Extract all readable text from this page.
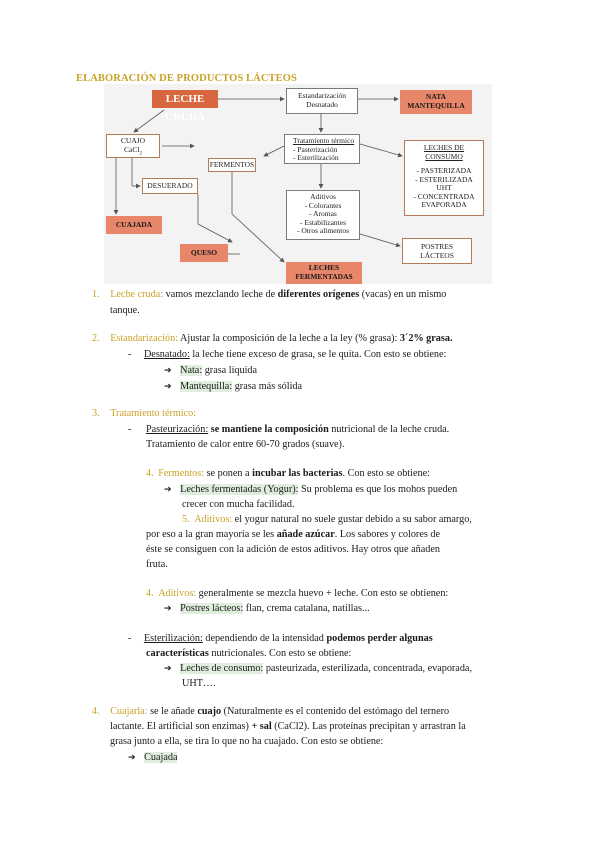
ELABORACIÓN DE PRODUCTOS LÁCTEOS
LECHE CRUDA
Estandarización
Desnatado
NATA
MANTEQUILLA
CUAJO
CaCl$_2$
Tratamiento térmico
- Pasterización
- Esterilización
LECHES DE
CONSUMO
- PASTERIZADA
- ESTERILIZADA
UHT
- CONCENTRADA
EVAPORADA
FERMENTOS
DESUERADO
Aditivos
- Colorantes
- Aromas
- Estabilizantes
- Otros alimentos
CUAJADA
QUESO
POSTRES
LÁCTEOS
LECHES
FERMENTADAS
1. Leche cruda: vamos mezclando leche de diferentes orígenes (vacas) en un mismo
tanque.
2. Estandarización: Ajustar la composición de la leche a la ley (% grasa): 3´2% grasa.
- Desnatado: la leche tiene exceso de grasa, se le quita. Con esto se obtiene:
➔ Nata: grasa líquida
➔ Mantequilla: grasa más sólida
3. Tratamiento térmico:
- Pasteurización: se mantiene la composición nutricional de la leche cruda.
Tratamiento de calor entre 60-70 grados (suave).
4. Fermentos: se ponen a incubar las bacterias. Con esto se obtiene:
➔ Leches fermentadas (Yogur): Su problema es que los mohos pueden
crecer con mucha facilidad.
5. Aditivos: el yogur natural no suele gustar debido a su sabor amargo,
por eso a la gran mayoría se les añade azúcar. Los sabores y colores de
éste se consiguen con la adición de estos aditivos. Hay otros que añaden
fruta.
4. Aditivos: generalmente se mezcla huevo + leche. Con esto se obtienen:
➔ Postres lácteos: flan, crema catalana, natillas...
- Esterilización: dependiendo de la intensidad podemos perder algunas
características nutricionales. Con esto se obtiene:
➔ Leches de consumo: pasteurizada, esterilizada, concentrada, evaporada,
UHT….
4. Cuajarla: se le añade cuajo (Naturalmente es el contenido del estómago del ternero
lactante. El artificial son enzimas) + sal (CaCl2). Las proteínas precipitan y arrastran la
grasa junto a ella, se tira lo que no ha cuajado. Con esto se obtiene:
➔ Cuajada
